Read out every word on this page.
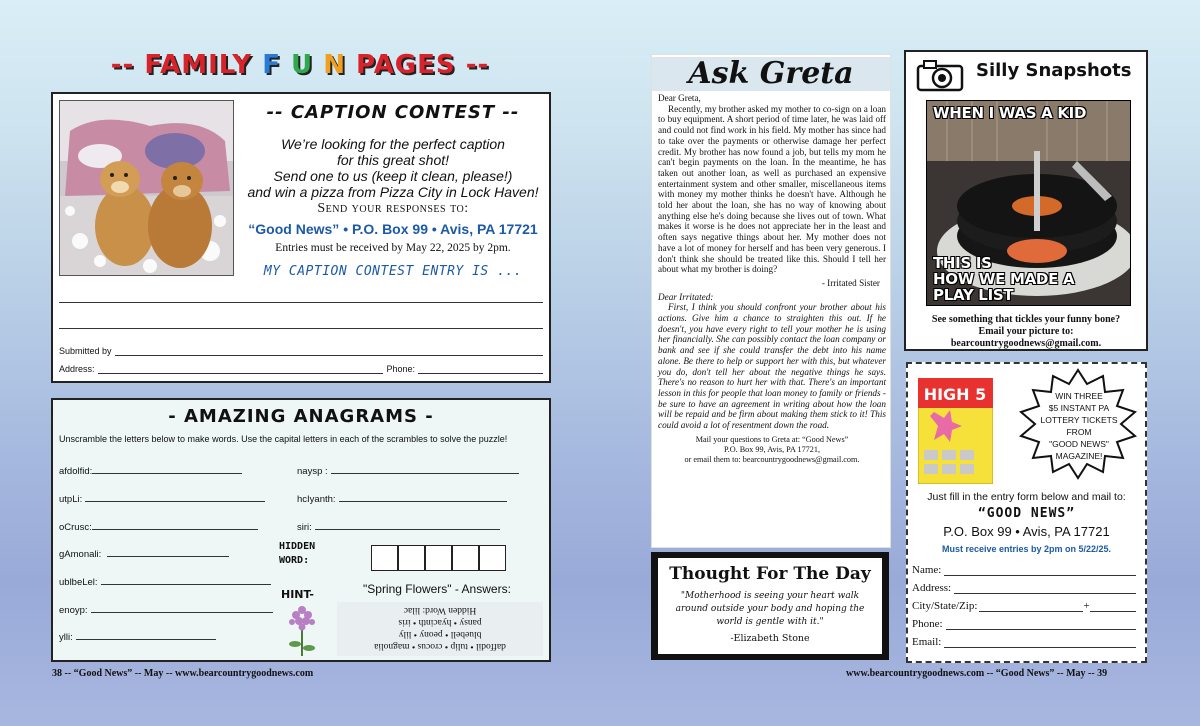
-- FAMILY F U N PAGES --
-- CAPTION CONTEST --
We’re looking for the perfect caption
for this great shot!
Send one to us (keep it clean, please!)
and win a pizza from Pizza City in Lock Haven!
Send your responses to:
“Good News” • P.O. Box 99 • Avis, PA 17721
Entries must be received by May 22, 2025 by 2pm.
MY CAPTION CONTEST ENTRY IS ...
Submitted by
Address:	Phone:
- AMAZING ANAGRAMS -
Unscramble the letters below to make words. Use the capital letters in each of the scrambles to solve the puzzle!
afdolfid:
utpLi:
oCrusc:
gAmonali:
ublbeLel:
enoyp:
ylli:
naysp :
hcIyanth:
siri:
HIDDEN WORD:
HINT-	"Spring Flowers" - Answers:
daffodil • tulip • crocus • magnolia
bluebell • peony • lily
pansy • hyacinth • iris
Hidden Word: lilac
38 -- “Good News” -- May -- www.bearcountrygoodnews.com
Ask Greta
Dear Greta,

Recently, my brother asked my mother to co-sign on a loan to buy equipment. A short period of time later, he was laid off and could not find work in his field. My mother has since had to take over the payments or otherwise damage her perfect credit. My brother has now found a job, but tells my mom he can't begin payments on the loan. In the meantime, he has taken out another loan, as well as purchased an expensive entertainment system and other smaller, miscellaneous items with money my mother thinks he doesn't have. Although he told her about the loan, she has no way of knowing about anything else he's doing because she lives out of town. What makes it worse is he does not appreciate her in the least and often says negative things about her. My mother does not have a lot of money for herself and has been very generous. I don't think she should be treated like this. Should I tell her about what my brother is doing?

- Irritated Sister
Dear Irritated:

First, I think you should confront your brother about his actions. Give him a chance to straighten this out. If he doesn't, you have every right to tell your mother he is using her financially. She can possibly contact the loan company or bank and see if she could transfer the debt into his name alone. Be there to help or support her with this, but whatever you do, don't tell her about the negative things he says. There's no reason to hurt her with that. There's an important lesson in this for people that loan money to family or friends - be sure to have an agreement in writing about how the loan will be repaid and be firm about making them stick to it! This could avoid a lot of resentment down the road.

Mail your questions to Greta at: “Good News”
P.O. Box 99, Avis, PA 17721,
or email them to: bearcountrygoodnews@gmail.com.
Thought For The Day
"Motherhood is seeing your heart walk around outside your body and hoping the world is gentle with it."
-Elizabeth Stone
Silly Snapshots
WHEN I WAS A KID
THIS IS
HOW WE MADE A
PLAY LIST
See something that tickles your funny bone?
Email your picture to:
bearcountrygoodnews@gmail.com.
HIGH 5	WIN THREE
$5 INSTANT PA
LOTTERY TICKETS FROM
"GOOD NEWS"
MAGAZINE!
Just fill in the entry form below and mail to:
“GOOD NEWS”
P.O. Box 99 • Avis, PA 17721
Must receive entries by 2pm on 5/22/25.
Name:
Address:
City/State/Zip:	+
Phone:
Email:
www.bearcountrygoodnews.com -- “Good News” -- May -- 39
